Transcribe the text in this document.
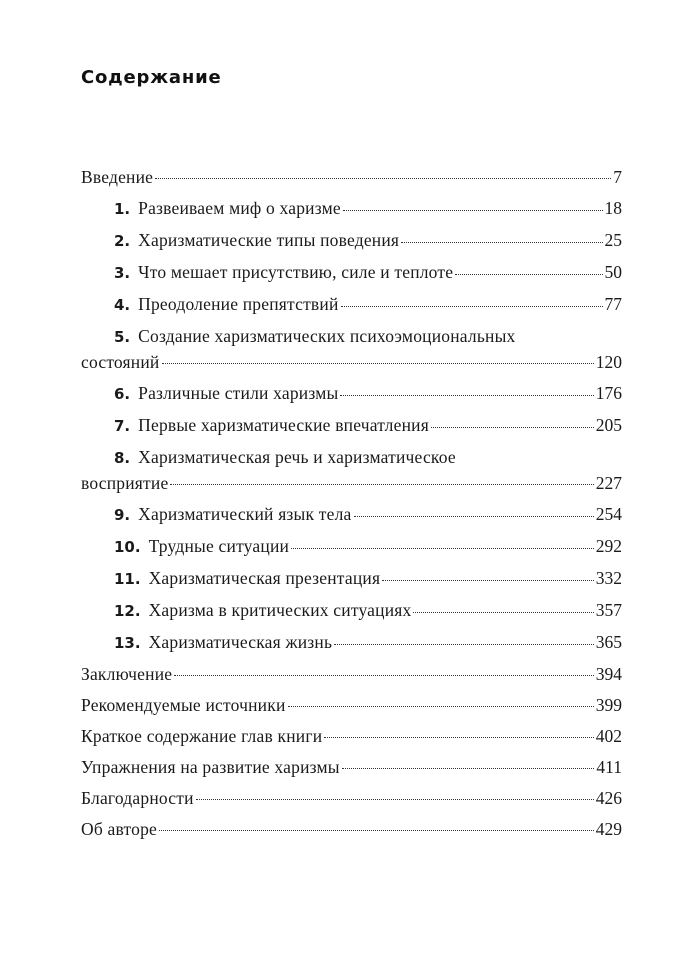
Содержание
Введение	7
1. Развеиваем миф о харизме	18
2. Харизматические типы поведения	25
3. Что мешает присутствию, силе и теплоте	50
4. Преодоление препятствий	77
5. Создание харизматических психоэмоциональных
состояний	120
6. Различные стили харизмы	176
7. Первые харизматические впечатления	205
8. Харизматическая речь и харизматическое
восприятие	227
9. Харизматический язык тела	254
10. Трудные ситуации	292
11. Харизматическая презентация	332
12. Харизма в критических ситуациях	357
13. Харизматическая жизнь	365
Заключение	394
Рекомендуемые источники	399
Краткое содержание глав книги	402
Упражнения на развитие харизмы	411
Благодарности	426
Об авторе	429
